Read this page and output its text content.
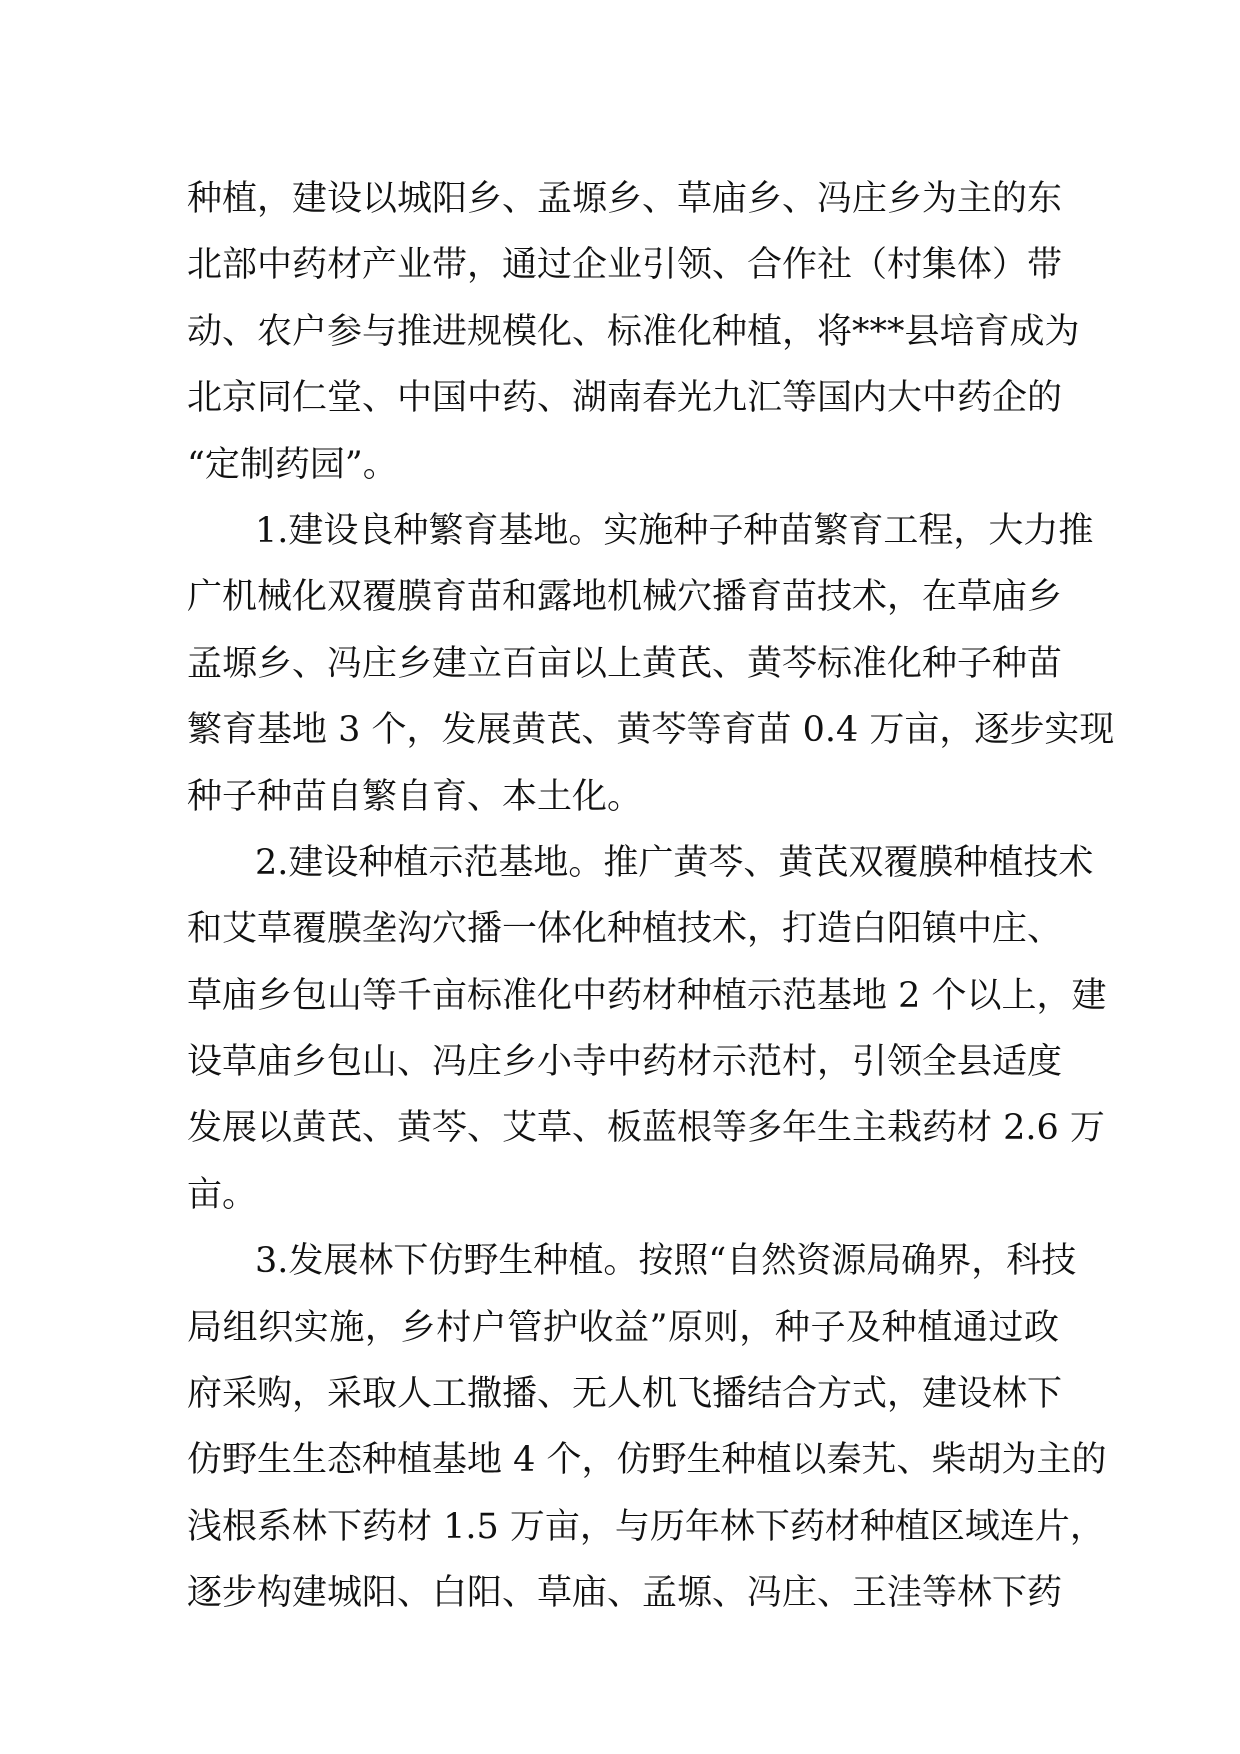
种植，建设以城阳乡、孟塬乡、草庙乡、冯庄乡为主的东
北部中药材产业带，通过企业引领、合作社（村集体）带
动、农户参与推进规模化、标准化种植，将***县培育成为
北京同仁堂、中国中药、湖南春光九汇等国内大中药企的
“定制药园”。
1.建设良种繁育基地。实施种子种苗繁育工程，大力推
广机械化双覆膜育苗和露地机械穴播育苗技术，在草庙乡
孟塬乡、冯庄乡建立百亩以上黄芪、黄芩标准化种子种苗
繁育基地 3 个，发展黄芪、黄芩等育苗 0.4 万亩，逐步实现
种子种苗自繁自育、本土化。
2.建设种植示范基地。推广黄芩、黄芪双覆膜种植技术
和艾草覆膜垄沟穴播一体化种植技术，打造白阳镇中庄、
草庙乡包山等千亩标准化中药材种植示范基地 2 个以上，建
设草庙乡包山、冯庄乡小寺中药材示范村，引领全县适度
发展以黄芪、黄芩、艾草、板蓝根等多年生主栽药材 2.6 万
亩。
3.发展林下仿野生种植。按照“自然资源局确界，科技
局组织实施，乡村户管护收益”原则，种子及种植通过政
府采购，采取人工撒播、无人机飞播结合方式，建设林下
仿野生生态种植基地 4 个，仿野生种植以秦艽、柴胡为主的
浅根系林下药材 1.5 万亩，与历年林下药材种植区域连片，
逐步构建城阳、白阳、草庙、孟塬、冯庄、王洼等林下药
